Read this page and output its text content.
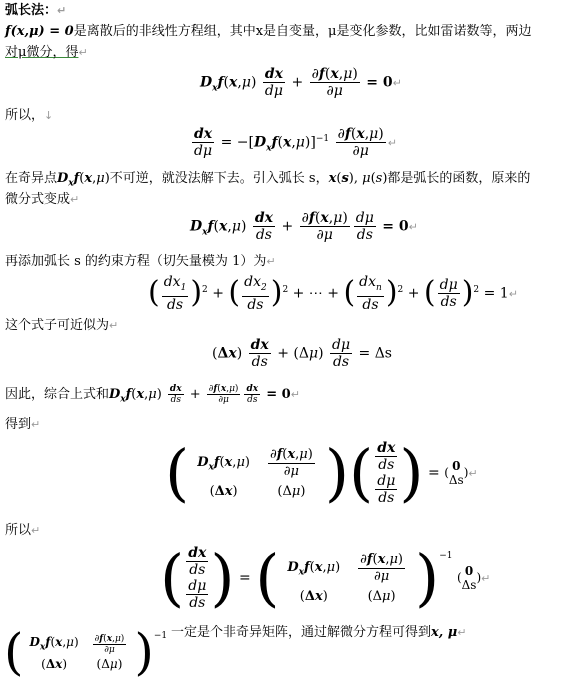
弧长法：↵
f(x,μ) = 0是离散后的非线性方程组，其中x是自变量，μ是变化参数，比如雷诺数等，两边
对μ微分，得↵
$D_xf(x,\mu) \frac{dx}{d\mu} + \frac{\partial f(x,\mu)}{\partial\mu}$ = 0↵
所以，↓
$\frac{dx}{d\mu} = -[D_xf(x,\mu)]^{-1} \frac{\partial f(x,\mu)}{\partial\mu}$ ↵
在奇异点$D_xf(x,\mu)$不可逆，就没法解下去。引入弧长 s，x(s), μ(s)都是弧长的函数，原来的
微分式变成↵
$D_xf(x,\mu) \frac{dx}{ds} + \frac{\partial f(x,\mu)}{\partial\mu} \frac{d\mu}{ds}$ = 0↵
再添加弧长 s 的约束方程（切矢量模为 1）为↵
( $\frac{dx_1}{ds} )^2$ + ( $\frac{dx_2}{ds} )^2$ + ⋯ + ( $\frac{dx_n}{ds} )^2$ + ( $\frac{d\mu}{ds} )^2$ = 1↵
这个式子可近似为↵
$(\Delta x) \frac{dx}{ds} + (\Delta\mu) \frac{d\mu}{ds} = \Delta s$
因此，综合上式和$D_xf(x,\mu) \frac{dx}{ds} + \frac{\partial f(x,\mu)}{\partial\mu} \frac{dx}{ds}$ = 0↵
得到↵
( $D_xf(x,\mu)$	$\frac{\partial f(x,\mu)}{\partial\mu}$

(Δx)	(Δμ) )( $\frac{dx}{ds}$

$\frac{d\mu}{ds}$ ) = ( 0
Δs)↵
所以↵
( $\frac{dx}{ds}$

$\frac{d\mu}{ds}$ ) = ( $D_xf(x,\mu)$	$\frac{\partial f(x,\mu)}{\partial\mu}$

(Δx)	(Δμ) )$^{-1}$ ( 0
Δs)↵
( $D_xf(x,\mu)$	$\frac{\partial f(x,\mu)}{\partial\mu}$

(Δx)	(Δμ) )$^{-1}$ $^{一定是个非奇异矩阵,通过解微分方程可得到x, \mu↵}$
